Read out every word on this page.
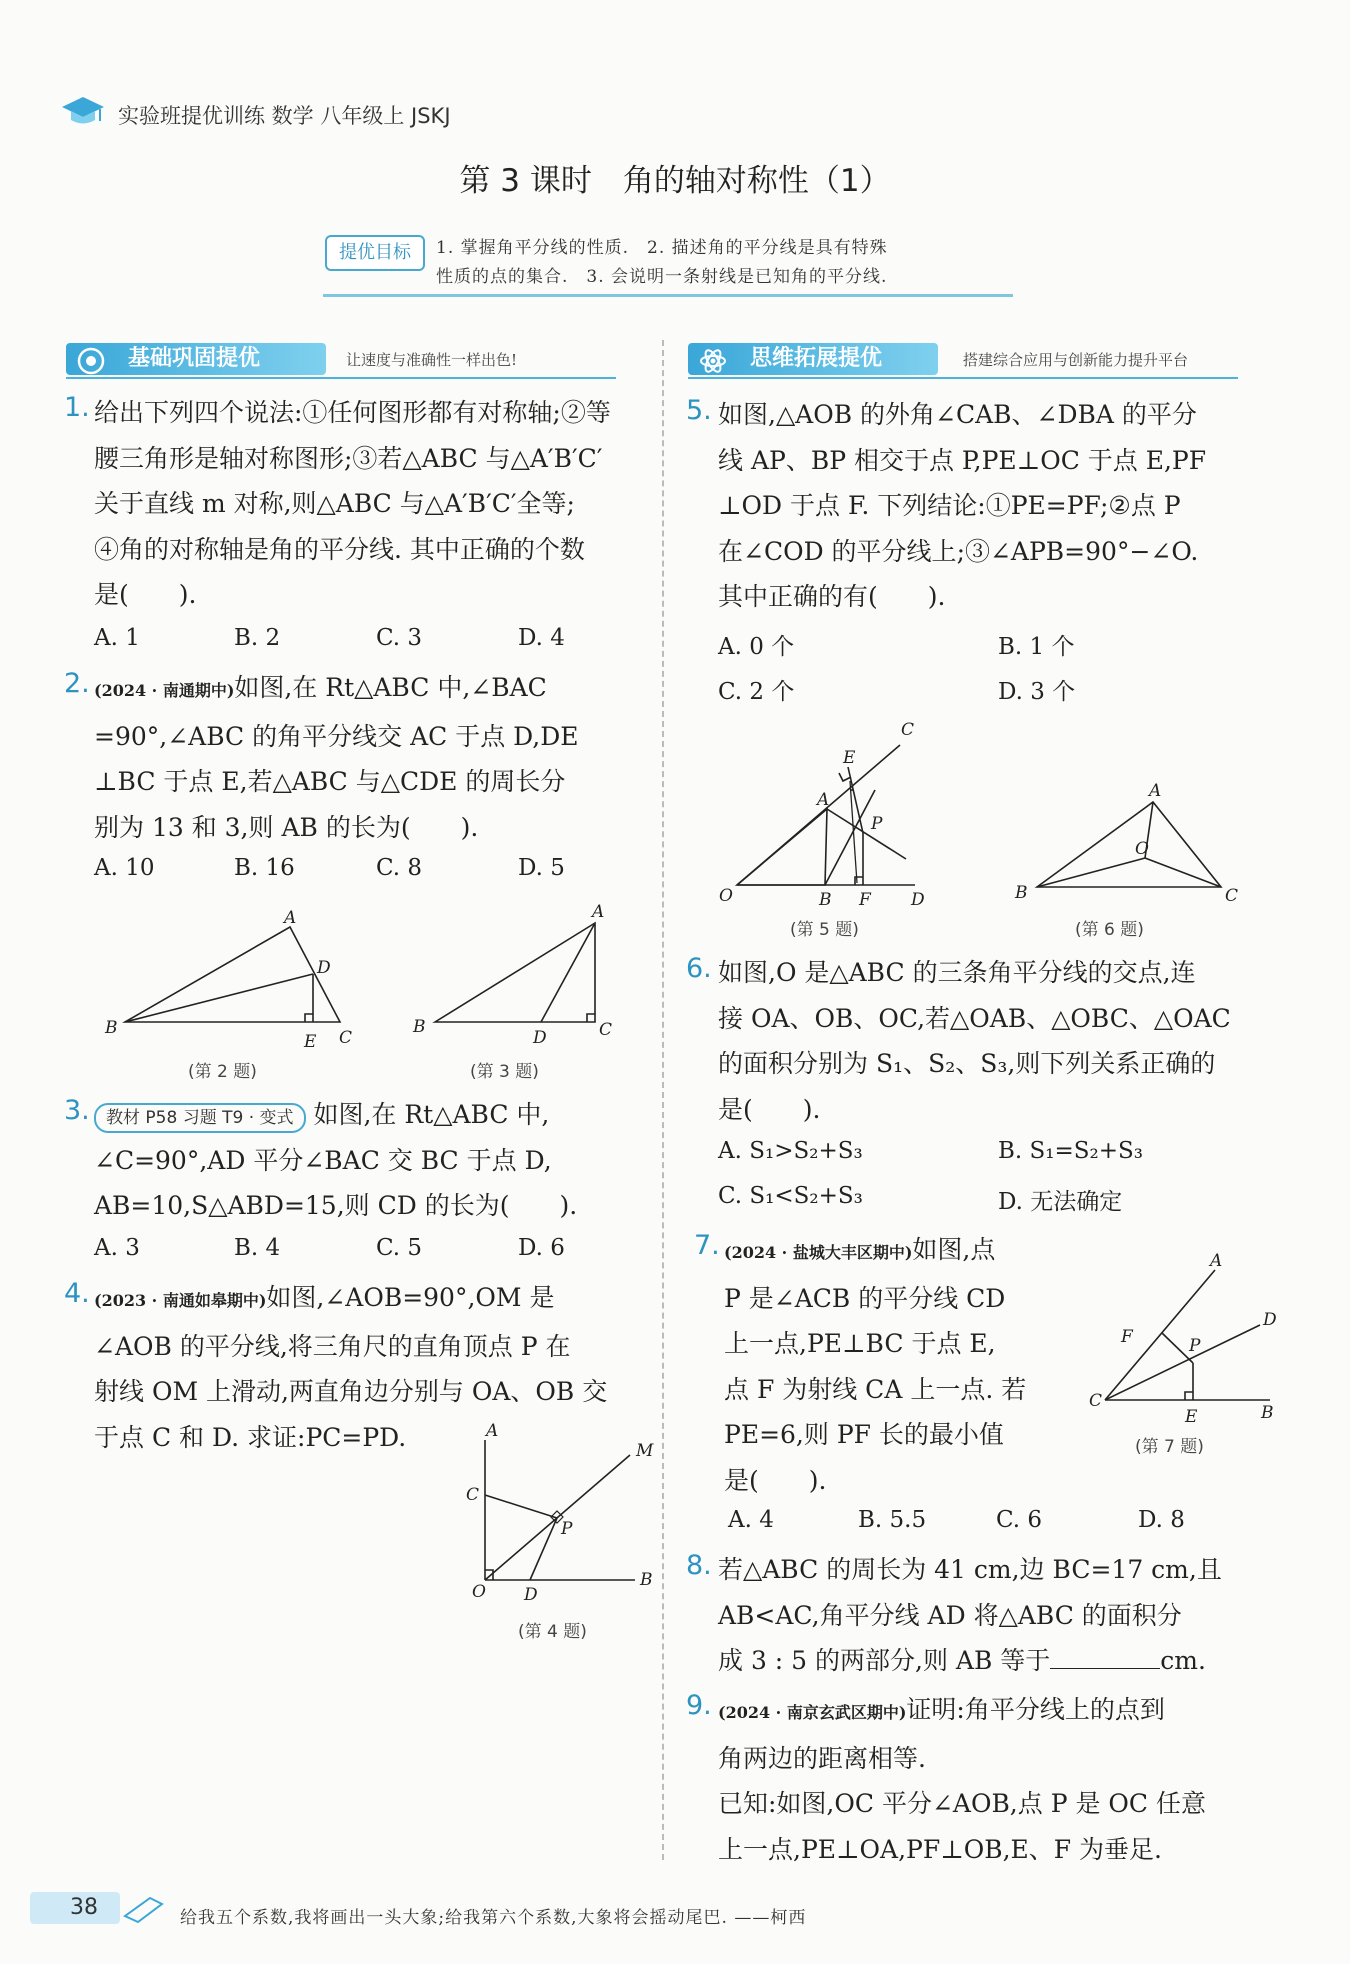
实验班提优训练 数学 八年级上 JSKJ
第 3 课时　角的轴对称性（1）
提优目标	1. 掌握角平分线的性质.　2. 描述角的平分线是具有特殊
性质的点的集合.　3. 会说明一条射线是已知角的平分线.
基础巩固提优	让速度与准确性一样出色!	思维拓展提优	搭建综合应用与创新能力提升平台
1. 给出下列四个说法:①任何图形都有对称轴;②等
腰三角形是轴对称图形;③若△ABC 与△A′B′C′
关于直线 m 对称,则△ABC 与△A′B′C′全等;
④角的对称轴是角的平分线. 其中正确的个数
是(　　).
A. 1	B. 2	C. 3	D. 4
2. (2024 · 南通期中)如图,在 Rt△ABC 中,∠BAC
=90°,∠ABC 的角平分线交 AC 于点 D,DE
⊥BC 于点 E,若△ABC 与△CDE 的周长分
别为 13 和 3,则 AB 的长为(　　).
A. 10	B. 16	C. 8	D. 5
A
D
B
E C
(第 2 题)
A
B
D	C
(第 3 题)
3. 教材 P58 习题 T9 · 变式 如图,在 Rt△ABC 中,
∠C=90°,AD 平分∠BAC 交 BC 于点 D,
AB=10,S△ABD=15,则 CD 的长为(　　).
A. 3	B. 4	C. 5	D. 6
4. (2023 · 南通如皋期中)如图,∠AOB=90°,OM 是
∠AOB 的平分线,将三角尺的直角顶点 P 在
射线 OM 上滑动,两直角边分别与 OA、OB 交
于点 C 和 D. 求证:PC=PD.	A
M
C
P
O D
B
(第 4 题)
5. 如图,△AOB 的外角∠CAB、∠DBA 的平分
线 AP、BP 相交于点 P,PE⊥OC 于点 E,PF
⊥OD 于点 F. 下列结论:①PE=PF;②点 P
在∠COD 的平分线上;③∠APB=90°−∠O.
其中正确的有(　　).
A. 0 个	B. 1 个
C. 2 个	D. 3 个
C
E
A
P
O	B F D
(第 5 题)
A
O
B	C
(第 6 题)
6. 如图,O 是△ABC 的三条角平分线的交点,连
接 OA、OB、OC,若△OAB、△OBC、△OAC
的面积分别为 S₁、S₂、S₃,则下列关系正确的
是(　　).
A. S₁>S₂+S₃	B. S₁=S₂+S₃
C. S₁<S₂+S₃	D. 无法确定
7. (2024 · 盐城大丰区期中)如图,点
P 是∠ACB 的平分线 CD
上一点,PE⊥BC 于点 E,
点 F 为射线 CA 上一点. 若
PE=6,则 PF 长的最小值
是(　　).
A
D
F	P
C
E	B
(第 7 题)
A. 4	B. 5.5	C. 6	D. 8
8. 若△ABC 的周长为 41 cm,边 BC=17 cm,且
AB<AC,角平分线 AD 将△ABC 的面积分
成 3 : 5 的两部分,则 AB 等于	cm.
9. (2024 · 南京玄武区期中)证明:角平分线上的点到
角两边的距离相等.
已知:如图,OC 平分∠AOB,点 P 是 OC 任意
上一点,PE⊥OA,PF⊥OB,E、F 为垂足.
38	给我五个系数,我将画出一头大象;给我第六个系数,大象将会摇动尾巴. ——柯西
